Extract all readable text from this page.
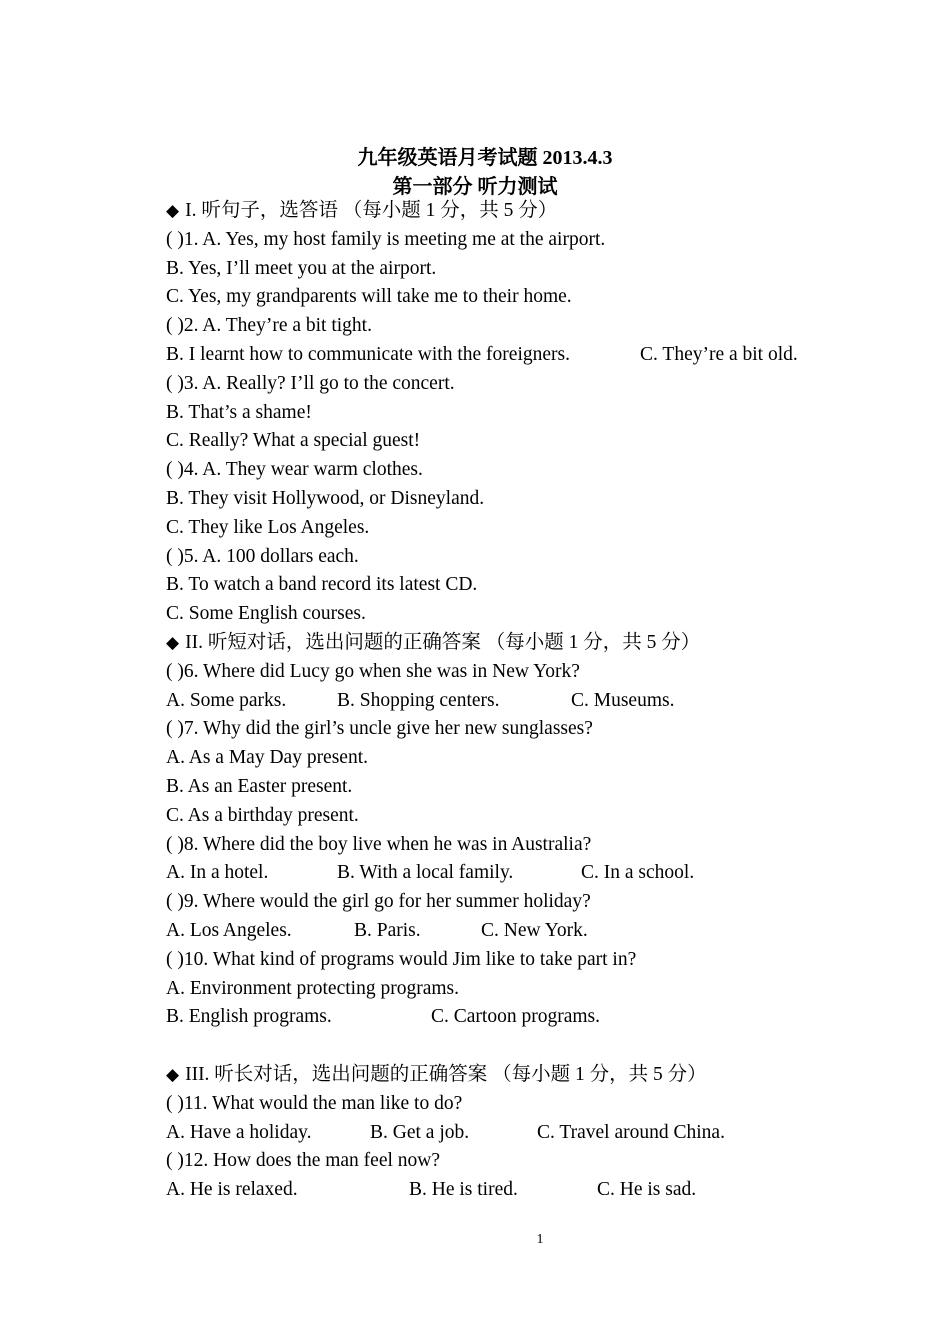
九年级英语月考试题 2013.4.3
第一部分 听力测试
◆ I. 听句子，选答语 （每小题 1 分，共 5 分）
( )1. A. Yes, my host family is meeting me at the airport.
B. Yes, I’ll meet you at the airport.
C. Yes, my grandparents will take me to their home.
( )2. A. They’re a bit tight.
B. I learnt how to communicate with the foreigners.	C. They’re a bit old.
( )3. A. Really? I’ll go to the concert.
B. That’s a shame!
C. Really? What a special guest!
( )4. A. They wear warm clothes.
B. They visit Hollywood, or Disneyland.
C. They like Los Angeles.
( )5. A. 100 dollars each.
B. To watch a band record its latest CD.
C. Some English courses.
◆ II. 听短对话，选出问题的正确答案 （每小题 1 分，共 5 分）
( )6. Where did Lucy go when she was in New York?
A. Some parks.	B. Shopping centers.	C. Museums.
( )7. Why did the girl’s uncle give her new sunglasses?
A. As a May Day present.
B. As an Easter present.
C. As a birthday present.
( )8. Where did the boy live when he was in Australia?
A. In a hotel.	B. With a local family.	C. In a school.
( )9. Where would the girl go for her summer holiday?
A. Los Angeles.	B. Paris.	C. New York.
( )10. What kind of programs would Jim like to take part in?
A. Environment protecting programs.
B. English programs.	C. Cartoon programs.
◆ III. 听长对话，选出问题的正确答案 （每小题 1 分，共 5 分）
( )11. What would the man like to do?
A. Have a holiday.	B. Get a job.	C. Travel around China.
( )12. How does the man feel now?
A. He is relaxed.	B. He is tired.	C. He is sad.
1
